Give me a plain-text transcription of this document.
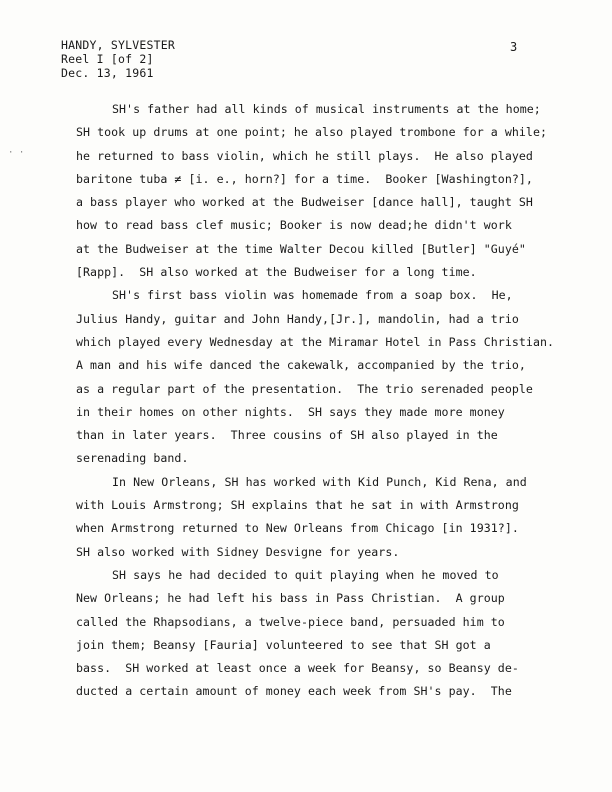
HANDY, SYLVESTER
Reel I [of 2]
Dec. 13, 1961
3
· ·
SH's father had all kinds of musical instruments at the home;
SH took up drums at one point; he also played trombone for a while;
he returned to bass violin, which he still plays.  He also played
baritone tuba ≠ [i. e., horn?] for a time.  Booker [Washington?],
a bass player who worked at the Budweiser [dance hall], taught SH
how to read bass clef music; Booker is now dead;he didn't work
at the Budweiser at the time Walter Decou killed [Butler] "Guyé"
[Rapp].  SH also worked at the Budweiser for a long time.
SH's first bass violin was homemade from a soap box.  He,
Julius Handy, guitar and John Handy,[Jr.], mandolin, had a trio
which played every Wednesday at the Miramar Hotel in Pass Christian.
A man and his wife danced the cakewalk, accompanied by the trio,
as a regular part of the presentation.  The trio serenaded people
in their homes on other nights.  SH says they made more money
than in later years.  Three cousins of SH also played in the
serenading band.
In New Orleans, SH has worked with Kid Punch, Kid Rena, and
with Louis Armstrong; SH explains that he sat in with Armstrong
when Armstrong returned to New Orleans from Chicago [in 1931?].
SH also worked with Sidney Desvigne for years.
SH says he had decided to quit playing when he moved to
New Orleans; he had left his bass in Pass Christian.  A group
called the Rhapsodians, a twelve-piece band, persuaded him to
join them; Beansy [Fauria] volunteered to see that SH got a
bass.  SH worked at least once a week for Beansy, so Beansy de-
ducted a certain amount of money each week from SH's pay.  The
